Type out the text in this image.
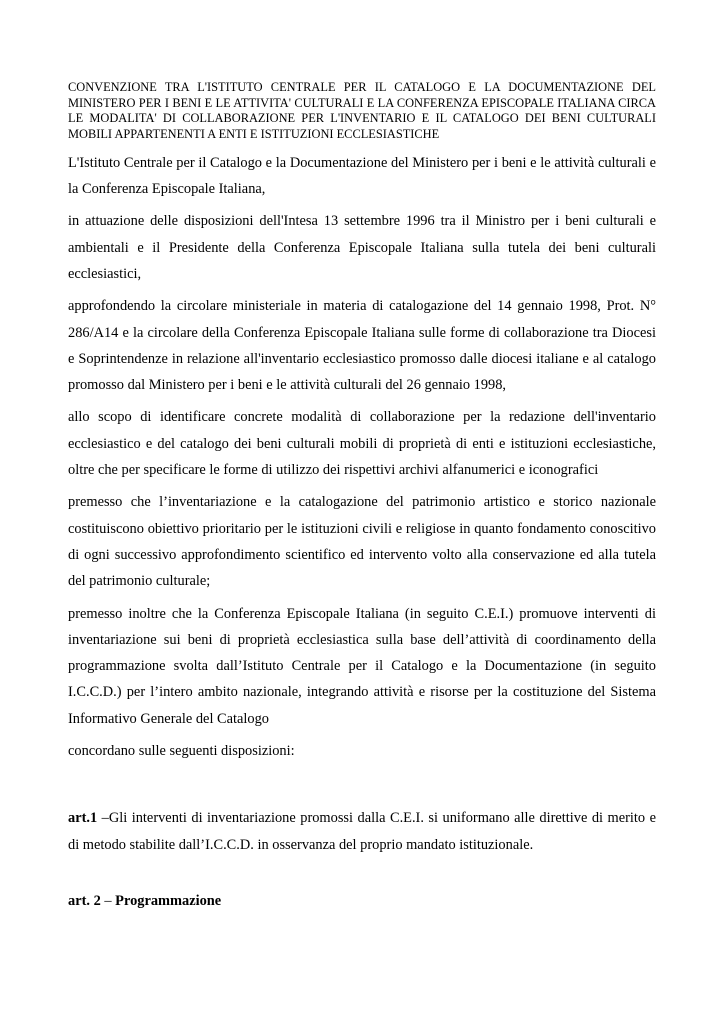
CONVENZIONE TRA L'ISTITUTO CENTRALE PER IL CATALOGO E LA DOCUMENTAZIONE DEL MINISTERO PER I BENI E LE ATTIVITA' CULTURALI E LA CONFERENZA EPISCOPALE ITALIANA CIRCA LE MODALITA' DI COLLABORAZIONE PER L'INVENTARIO E IL CATALOGO DEI BENI CULTURALI MOBILI APPARTENENTI A ENTI E ISTITUZIONI ECCLESIASTICHE

L'Istituto Centrale per il Catalogo e la Documentazione del Ministero per i beni e le attività culturali e la Conferenza Episcopale Italiana,

in attuazione delle disposizioni dell'Intesa 13 settembre 1996 tra il Ministro per i beni culturali e ambientali e il Presidente della Conferenza Episcopale Italiana sulla tutela dei beni culturali ecclesiastici,

approfondendo la circolare ministeriale in materia di catalogazione del 14 gennaio 1998, Prot. N° 286/A14 e la circolare della Conferenza Episcopale Italiana sulle forme di collaborazione tra Diocesi e Soprintendenze in relazione all'inventario ecclesiastico promosso dalle diocesi italiane e al catalogo promosso dal Ministero per i beni e le attività culturali del 26 gennaio 1998,

allo scopo di identificare concrete modalità di collaborazione per la redazione dell'inventario ecclesiastico e del catalogo dei beni culturali mobili di proprietà di enti e istituzioni ecclesiastiche, oltre che per specificare le forme di utilizzo dei rispettivi archivi alfanumerici e iconografici

premesso che l’inventariazione e la catalogazione del patrimonio artistico e storico nazionale costituiscono obiettivo prioritario per le istituzioni civili e religiose in quanto fondamento conoscitivo di ogni successivo approfondimento scientifico ed intervento volto alla conservazione ed alla tutela del patrimonio culturale;

premesso inoltre che la Conferenza Episcopale Italiana (in seguito C.E.I.) promuove interventi di inventariazione sui beni di proprietà ecclesiastica sulla base dell’attività di coordinamento della programmazione svolta dall’Istituto Centrale per il Catalogo e la Documentazione (in seguito I.C.C.D.) per l’intero ambito nazionale, integrando attività e risorse per la costituzione del Sistema Informativo Generale del Catalogo

concordano sulle seguenti disposizioni:

art.1 –Gli interventi di inventariazione promossi dalla C.E.I. si uniformano alle direttive di merito e di metodo stabilite dall’I.C.C.D. in osservanza del proprio mandato istituzionale.

art. 2 – Programmazione
